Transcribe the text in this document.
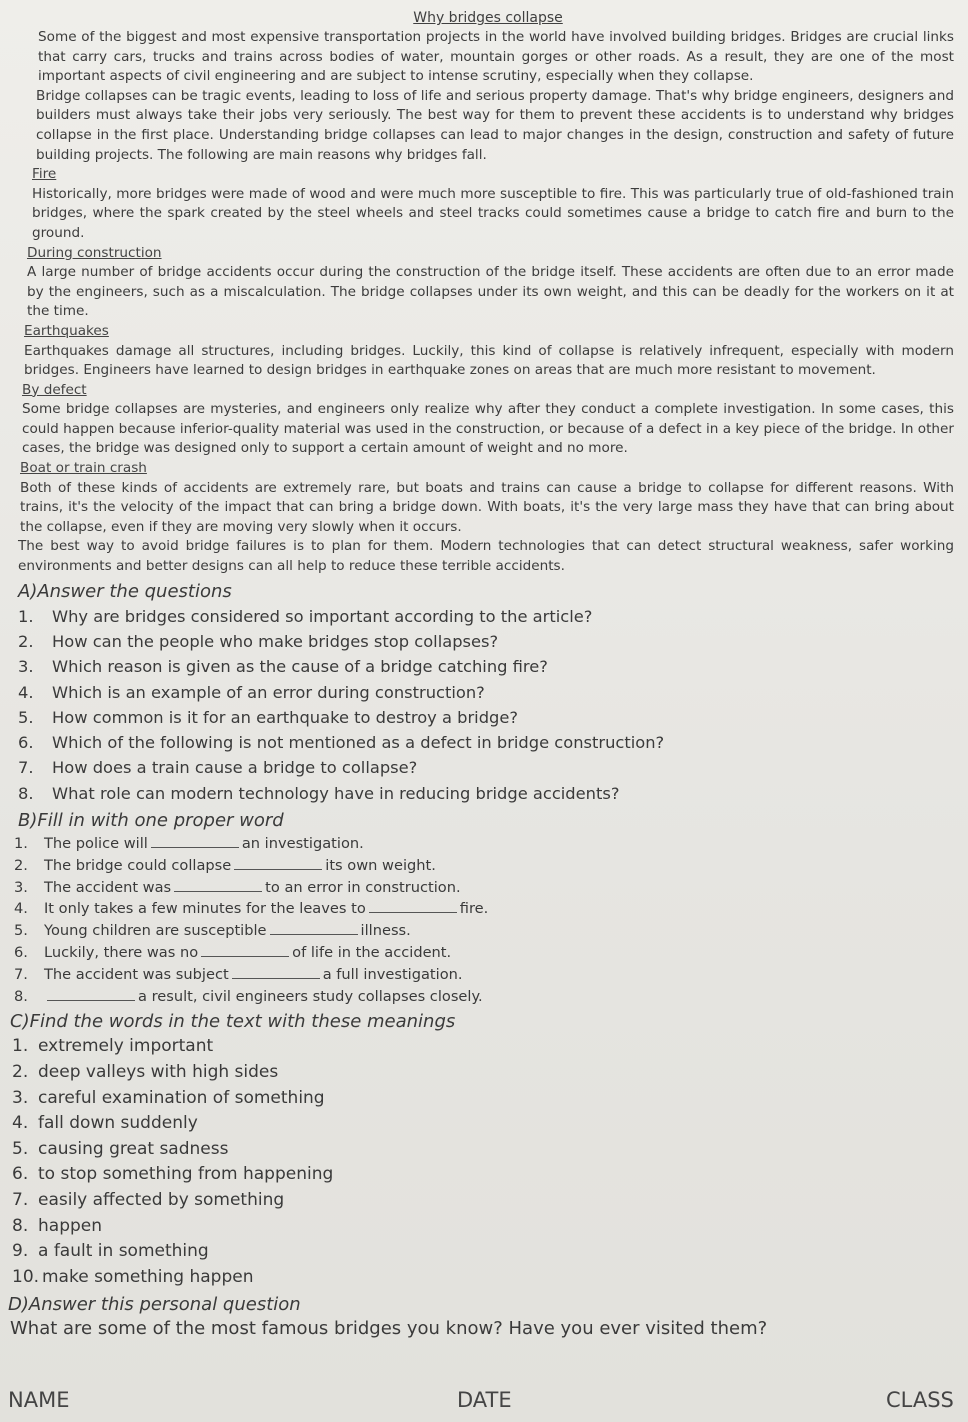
Why bridges collapse

Some of the biggest and most expensive transportation projects in the world have involved building bridges. Bridges are crucial links that carry cars, trucks and trains across bodies of water, mountain gorges or other roads. As a result, they are one of the most important aspects of civil engineering and are subject to intense scrutiny, especially when they collapse.

Bridge collapses can be tragic events, leading to loss of life and serious property damage. That's why bridge engineers, designers and builders must always take their jobs very seriously. The best way for them to prevent these accidents is to understand why bridges collapse in the first place. Understanding bridge collapses can lead to major changes in the design, construction and safety of future building projects. The following are main reasons why bridges fall.

Fire

Historically, more bridges were made of wood and were much more susceptible to fire. This was particularly true of old-fashioned train bridges, where the spark created by the steel wheels and steel tracks could sometimes cause a bridge to catch fire and burn to the ground.

During construction

A large number of bridge accidents occur during the construction of the bridge itself. These accidents are often due to an error made by the engineers, such as a miscalculation. The bridge collapses under its own weight, and this can be deadly for the workers on it at the time.

Earthquakes

Earthquakes damage all structures, including bridges. Luckily, this kind of collapse is relatively infrequent, especially with modern bridges. Engineers have learned to design bridges in earthquake zones on areas that are much more resistant to movement.

By defect

Some bridge collapses are mysteries, and engineers only realize why after they conduct a complete investigation. In some cases, this could happen because inferior-quality material was used in the construction, or because of a defect in a key piece of the bridge. In other cases, the bridge was designed only to support a certain amount of weight and no more.

Boat or train crash

Both of these kinds of accidents are extremely rare, but boats and trains can cause a bridge to collapse for different reasons. With trains, it's the velocity of the impact that can bring a bridge down. With boats, it's the very large mass they have that can bring about the collapse, even if they are moving very slowly when it occurs.

The best way to avoid bridge failures is to plan for them. Modern technologies that can detect structural weakness, safer working environments and better designs can all help to reduce these terrible accidents.

A)Answer the questions
1.	Why are bridges considered so important according to the article?
2.	How can the people who make bridges stop collapses?
3.	Which reason is given as the cause of a bridge catching fire?
4.	Which is an example of an error during construction?
5.	How common is it for an earthquake to destroy a bridge?
6.	Which of the following is not mentioned as a defect in bridge construction?
7.	How does a train cause a bridge to collapse?
8.	What role can modern technology have in reducing bridge accidents?
B)Fill in with one proper word
1.	The police will	an investigation.
2.	The bridge could collapse	its own weight.
3.	The accident was	to an error in construction.
4.	It only takes a few minutes for the leaves to	fire.
5.	Young children are susceptible	illness.
6.	Luckily, there was no	of life in the accident.
7.	The accident was subject	a full investigation.
8.	a result, civil engineers study collapses closely.
C)Find the words in the text with these meanings
1. extremely important
2. deep valleys with high sides
3. careful examination of something
4. fall down suddenly
5. causing great sadness
6. to stop something from happening
7. easily affected by something
8. happen
9. a fault in something
10. make something happen
D)Answer this personal question
What are some of the most famous bridges you know? Have you ever visited them?
NAME	DATE	CLASS
